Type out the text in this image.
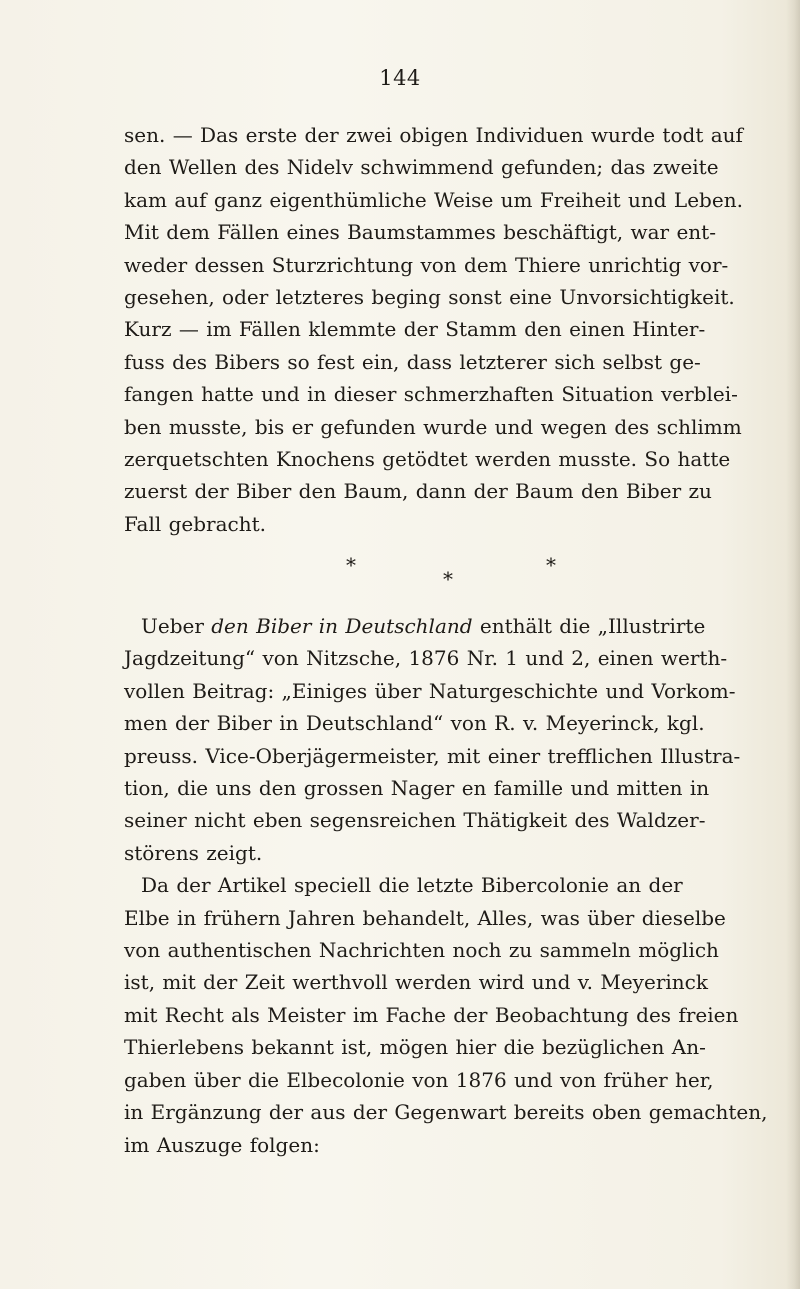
144
sen. — Das erste der zwei obigen Individuen wurde todt auf
den Wellen des Nidelv schwimmend gefunden; das zweite
kam auf ganz eigenthümliche Weise um Freiheit und Leben.
Mit dem Fällen eines Baumstammes beschäftigt, war ent-
weder dessen Sturzrichtung von dem Thiere unrichtig vor-
gesehen, oder letzteres beging sonst eine Unvorsichtigkeit.
Kurz — im Fällen klemmte der Stamm den einen Hinter-
fuss des Bibers so fest ein, dass letzterer sich selbst ge-
fangen hatte und in dieser schmerzhaften Situation verblei-
ben musste, bis er gefunden wurde und wegen des schlimm
zerquetschten Knochens getödtet werden musste. So hatte
zuerst der Biber den Baum, dann der Baum den Biber zu
Fall gebracht.
*	*
*
Ueber den Biber in Deutschland enthält die „Illustrirte
Jagdzeitung“ von Nitzsche, 1876 Nr. 1 und 2, einen werth-
vollen Beitrag: „Einiges über Naturgeschichte und Vorkom-
men der Biber in Deutschland“ von R. v. Meyerinck, kgl.
preuss. Vice-Oberjägermeister, mit einer trefflichen Illustra-
tion, die uns den grossen Nager en famille und mitten in
seiner nicht eben segensreichen Thätigkeit des Waldzer-
störens zeigt.
Da der Artikel speciell die letzte Bibercolonie an der
Elbe in frühern Jahren behandelt, Alles, was über dieselbe
von authentischen Nachrichten noch zu sammeln möglich
ist, mit der Zeit werthvoll werden wird und v. Meyerinck
mit Recht als Meister im Fache der Beobachtung des freien
Thierlebens bekannt ist, mögen hier die bezüglichen An-
gaben über die Elbecolonie von 1876 und von früher her,
in Ergänzung der aus der Gegenwart bereits oben gemachten,
im Auszuge folgen:
